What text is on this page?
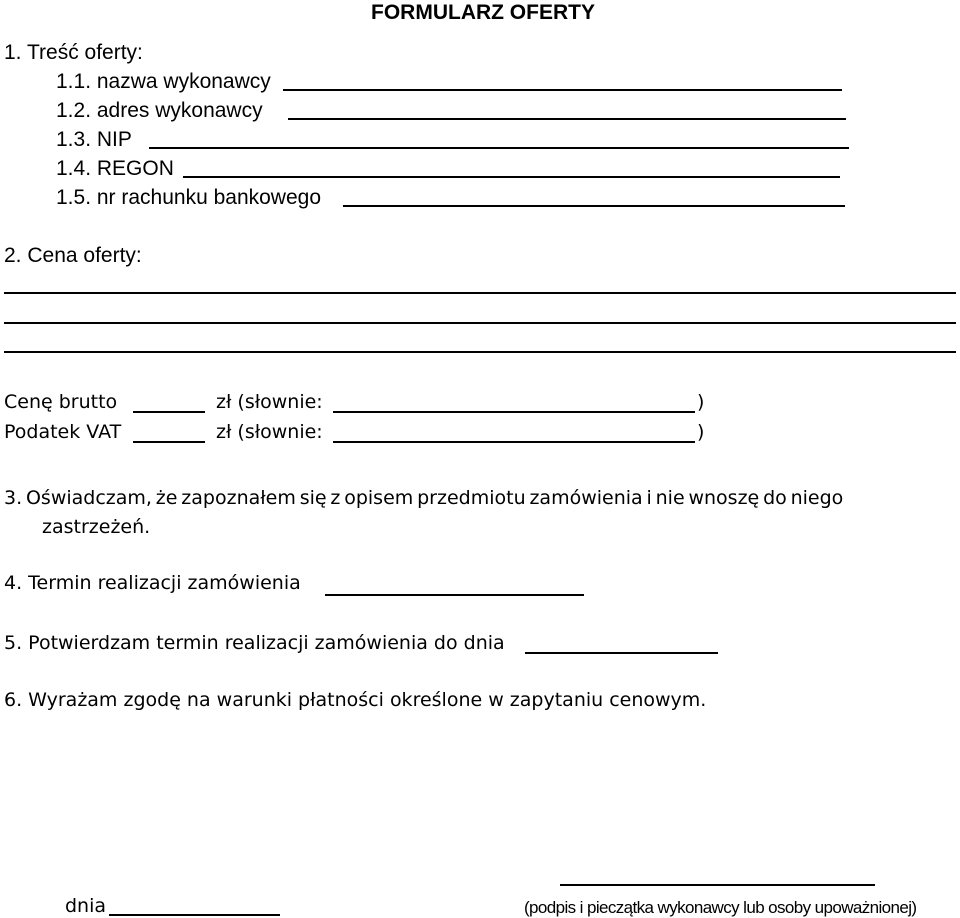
FORMULARZ OFERTY
1. Treść oferty:
1.1. nazwa wykonawcy
1.2. adres wykonawcy
1.3. NIP
1.4. REGON
1.5. nr rachunku bankowego
2. Cena oferty:
Cenę brutto	zł (słownie:	)
Podatek VAT	zł (słownie:	)
3. Oświadczam, że zapoznałem się z opisem przedmiotu zamówienia i nie wnoszę do niego
zastrzeżeń.
4. Termin realizacji zamówienia
5. Potwierdzam termin realizacji zamówienia do dnia
6. Wyrażam zgodę na warunki płatności określone w zapytaniu cenowym.
dnia	(podpis i pieczątka wykonawcy lub osoby upoważnionej)
